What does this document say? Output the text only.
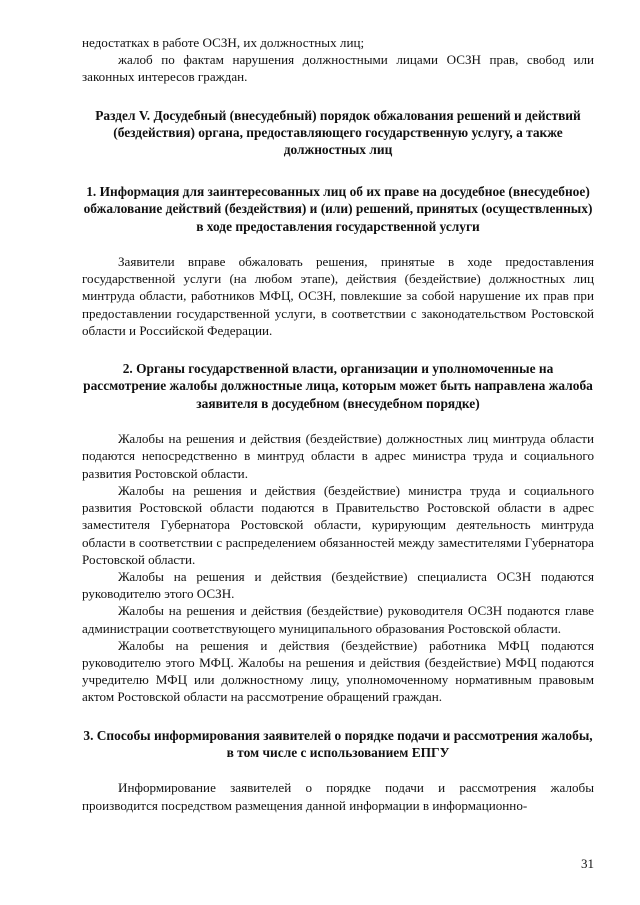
недостатках в работе ОСЗН, их должностных лиц;

жалоб по фактам нарушения должностными лицами ОСЗН прав, свобод или законных интересов граждан.

Раздел V. Досудебный (внесудебный) порядок обжалования решений и действий (бездействия) органа, предоставляющего государственную услугу, а также должностных лиц
1. Информация для заинтересованных лиц об их праве на досудебное (внесудебное) обжалование действий (бездействия) и (или) решений, принятых (осуществленных) в ходе предоставления государственной услуги

Заявители вправе обжаловать решения, принятые в ходе предоставления государственной услуги (на любом этапе), действия (бездействие) должностных лиц минтруда области, работников МФЦ, ОСЗН, повлекшие за собой нарушение их прав при предоставлении государственной услуги, в соответствии с законодательством Ростовской области и Российской Федерации.

2. Органы государственной власти, организации и уполномоченные на рассмотрение жалобы должностные лица, которым может быть направлена жалоба заявителя в досудебном (внесудебном порядке)

Жалобы на решения и действия (бездействие) должностных лиц минтруда области подаются непосредственно в минтруд области в адрес министра труда и социального развития Ростовской области.

Жалобы на решения и действия (бездействие) министра труда и социального развития Ростовской области подаются в Правительство Ростовской области в адрес заместителя Губернатора Ростовской области, курирующим деятельность минтруда области в соответствии с распределением обязанностей между заместителями Губернатора Ростовской области.

Жалобы на решения и действия (бездействие) специалиста ОСЗН подаются руководителю этого ОСЗН.

Жалобы на решения и действия (бездействие) руководителя ОСЗН подаются главе администрации соответствующего муниципального образования Ростовской области.

Жалобы на решения и действия (бездействие) работника МФЦ подаются руководителю этого МФЦ. Жалобы на решения и действия (бездействие) МФЦ подаются учредителю МФЦ или должностному лицу, уполномоченному нормативным правовым актом Ростовской области на рассмотрение обращений граждан.

3. Способы информирования заявителей о порядке подачи и рассмотрения жалобы, в том числе с использованием ЕПГУ

Информирование заявителей о порядке подачи и рассмотрения жалобы производится посредством размещения данной информации в информационно-

31
